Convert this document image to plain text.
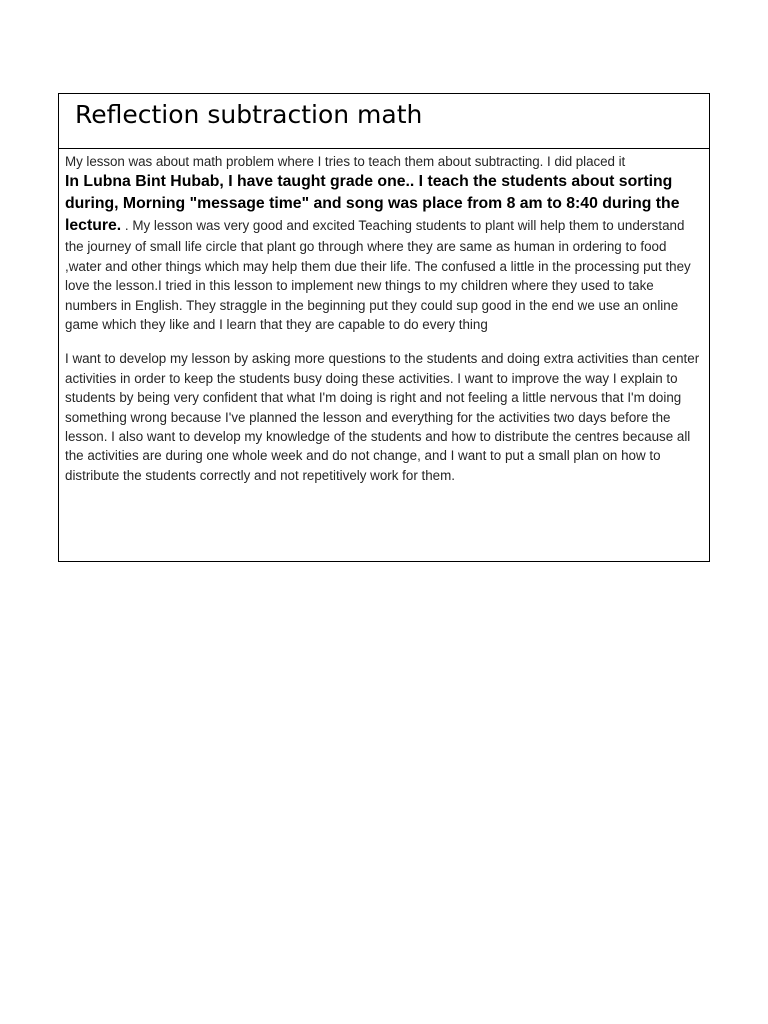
Reflection subtraction math

My lesson was about math problem where I tries to teach them about subtracting. I did placed it
In Lubna Bint Hubab, I have taught grade one.. I teach the students about sorting during, Morning "message time" and song was place from 8 am to 8:40 during the lecture. . My lesson was very good and excited Teaching students to plant will help them to understand the journey of small life circle that plant go through where they are same as human in ordering to food ,water and other things which may help them due their life. The confused a little in the processing put they love the lesson.I tried in this lesson to implement new things to my children where they used to take numbers in English. They straggle in the beginning put they could sup good in the end we use an online game which they like and I learn that they are capable to do every thing

I want to develop my lesson by asking more questions to the students and doing extra activities than center activities in order to keep the students busy doing these activities. I want to improve the way I explain to students by being very confident that what I'm doing is right and not feeling a little nervous that I'm doing something wrong because I've planned the lesson and everything for the activities two days before the lesson. I also want to develop my knowledge of the students and how to distribute the centres because all the activities are during one whole week and do not change, and I want to put a small plan on how to distribute the students correctly and not repetitively work for them.
